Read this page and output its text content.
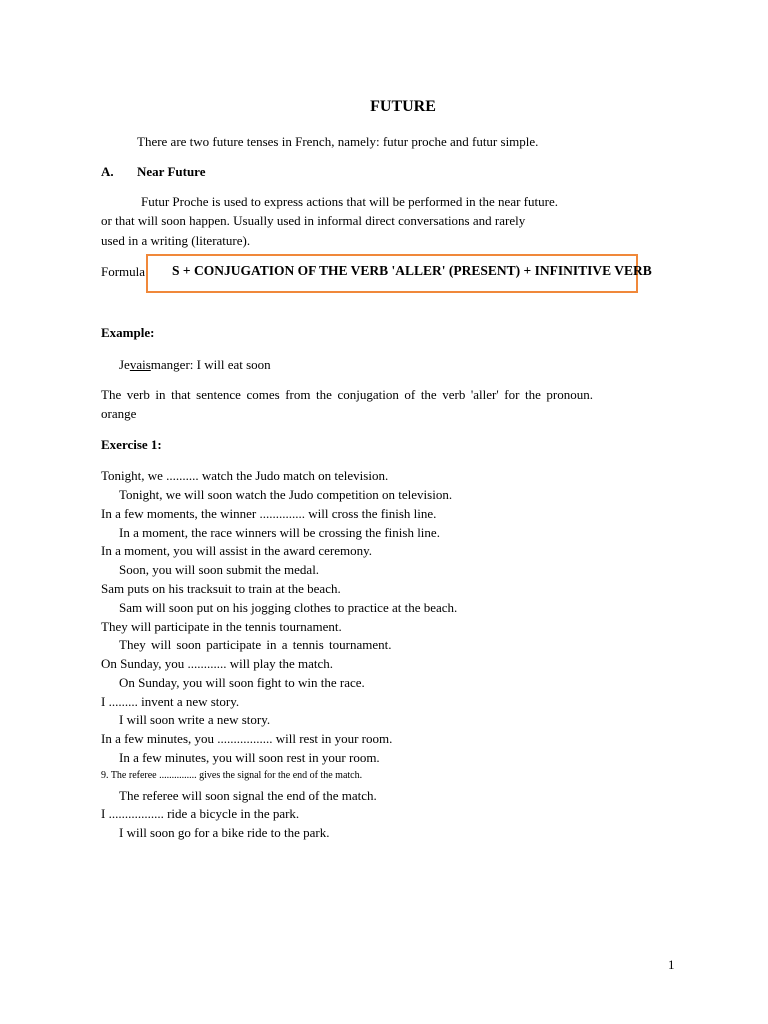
FUTURE
There are two future tenses in French, namely: futur proche and futur simple.
A. Near Future
Futur Proche is used to express actions that will be performed in the near future.
or that will soon happen. Usually used in informal direct conversations and rarely
used in a writing (literature).
Formula S + CONJUGATION OF THE VERB 'ALLER' (PRESENT) + INFINITIVE VERB
Example:
Jevaismanger: I will eat soon
The verb in that sentence comes from the conjugation of the verb 'aller' for the pronoun.
orange
Exercise 1:
Tonight, we .......... watch the Judo match on television.
Tonight, we will soon watch the Judo competition on television.
In a few moments, the winner .............. will cross the finish line.
In a moment, the race winners will be crossing the finish line.
In a moment, you will assist in the award ceremony.
Soon, you will soon submit the medal.
Sam puts on his tracksuit to train at the beach.
Sam will soon put on his jogging clothes to practice at the beach.
They will participate in the tennis tournament.
They will soon participate in a tennis tournament.
On Sunday, you ............ will play the match.
On Sunday, you will soon fight to win the race.
I ......... invent a new story.
I will soon write a new story.
In a few minutes, you ................. will rest in your room.
In a few minutes, you will soon rest in your room.
9. The referee ............... gives the signal for the end of the match.
The referee will soon signal the end of the match.
I ................. ride a bicycle in the park.
I will soon go for a bike ride to the park.
1
